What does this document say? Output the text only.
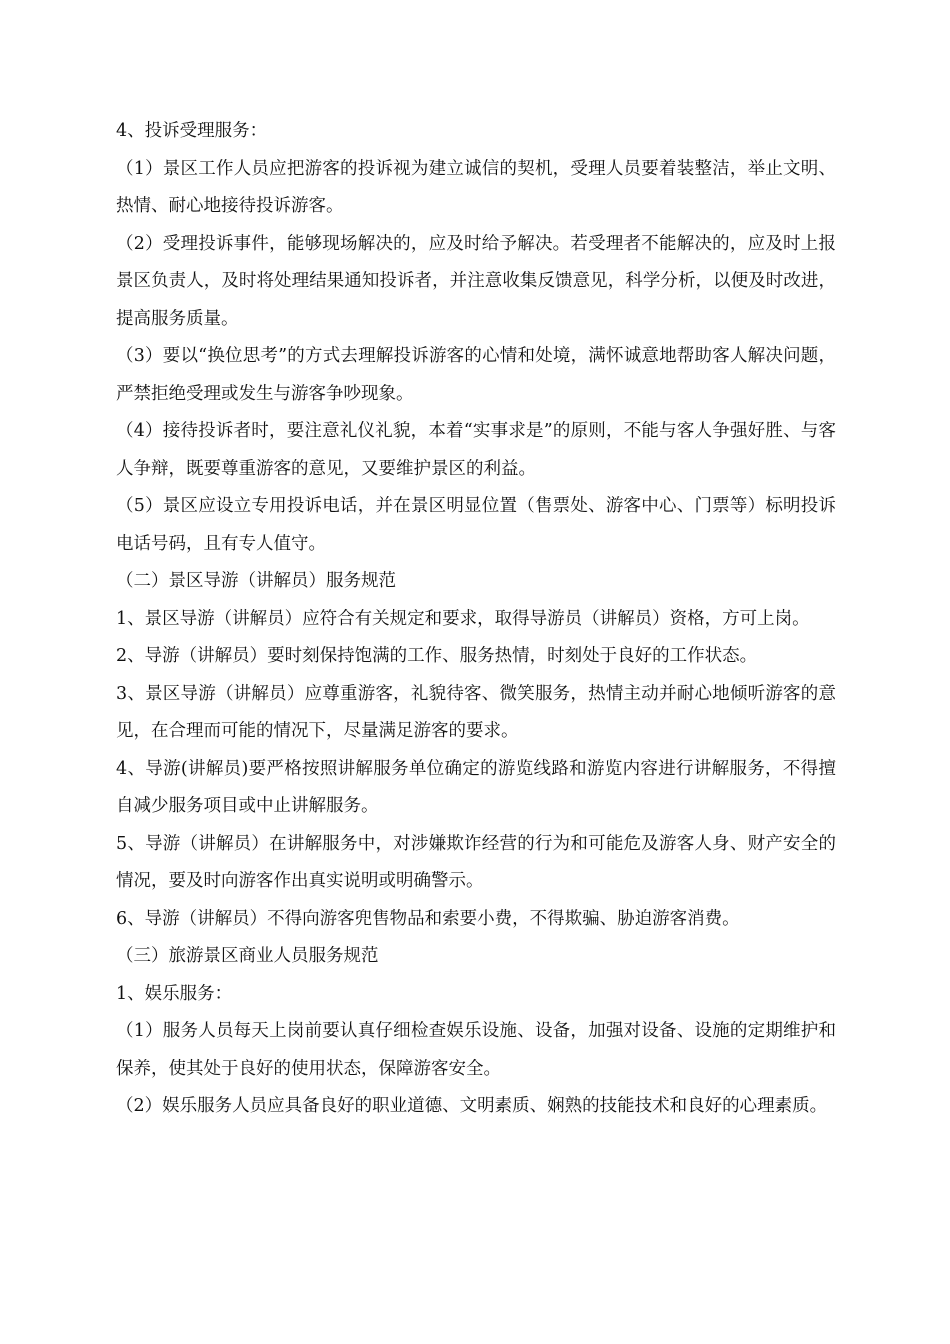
4、投诉受理服务：

（1）景区工作人员应把游客的投诉视为建立诚信的契机，受理人员要着装整洁，举止文明、热情、耐心地接待投诉游客。

（2）受理投诉事件，能够现场解决的，应及时给予解决。若受理者不能解决的，应及时上报景区负责人，及时将处理结果通知投诉者，并注意收集反馈意见，科学分析，以便及时改进，提高服务质量。

（3）要以“换位思考”的方式去理解投诉游客的心情和处境，满怀诚意地帮助客人解决问题，严禁拒绝受理或发生与游客争吵现象。

（4）接待投诉者时，要注意礼仪礼貌，本着“实事求是”的原则，不能与客人争强好胜、与客人争辩，既要尊重游客的意见，又要维护景区的利益。

（5）景区应设立专用投诉电话，并在景区明显位置（售票处、游客中心、门票等）标明投诉电话号码，且有专人值守。

（二）景区导游（讲解员）服务规范

1、景区导游（讲解员）应符合有关规定和要求，取得导游员（讲解员）资格，方可上岗。

2、导游（讲解员）要时刻保持饱满的工作、服务热情，时刻处于良好的工作状态。

3、景区导游（讲解员）应尊重游客，礼貌待客、微笑服务，热情主动并耐心地倾听游客的意见，在合理而可能的情况下，尽量满足游客的要求。

4、导游(讲解员)要严格按照讲解服务单位确定的游览线路和游览内容进行讲解服务，不得擅自减少服务项目或中止讲解服务。

5、导游（讲解员）在讲解服务中，对涉嫌欺诈经营的行为和可能危及游客人身、财产安全的情况，要及时向游客作出真实说明或明确警示。

6、导游（讲解员）不得向游客兜售物品和索要小费，不得欺骗、胁迫游客消费。

（三）旅游景区商业人员服务规范

1、娱乐服务：

（1）服务人员每天上岗前要认真仔细检查娱乐设施、设备，加强对设备、设施的定期维护和保养，使其处于良好的使用状态，保障游客安全。

（2）娱乐服务人员应具备良好的职业道德、文明素质、娴熟的技能技术和良好的心理素质。
